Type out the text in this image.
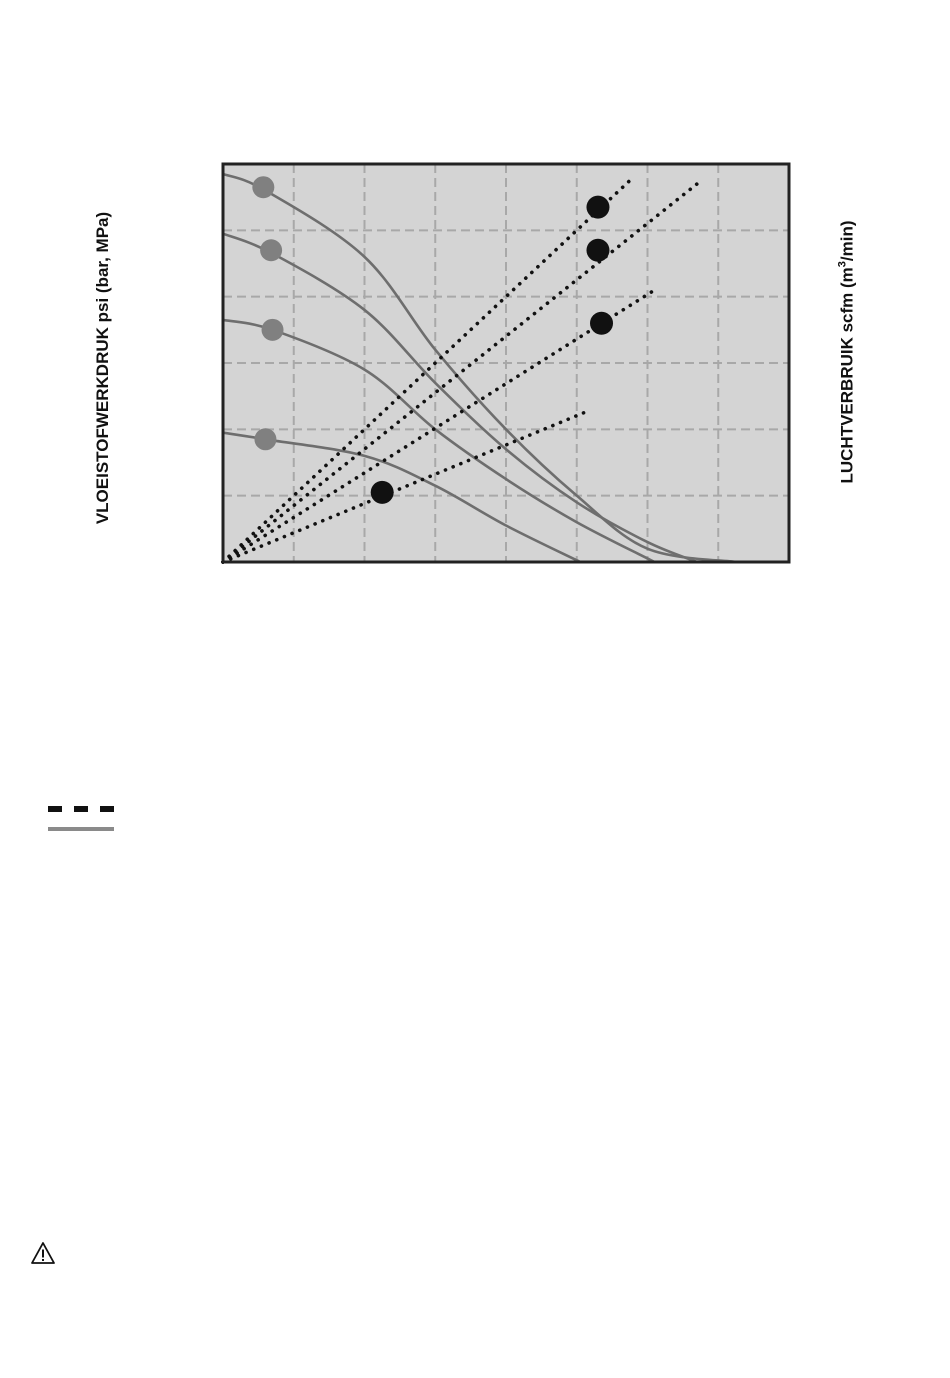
VLOEISTOFWERKDRUK psi (bar, MPa)	LUCHTVERBRUIK scfm $(m^3/\min)$
